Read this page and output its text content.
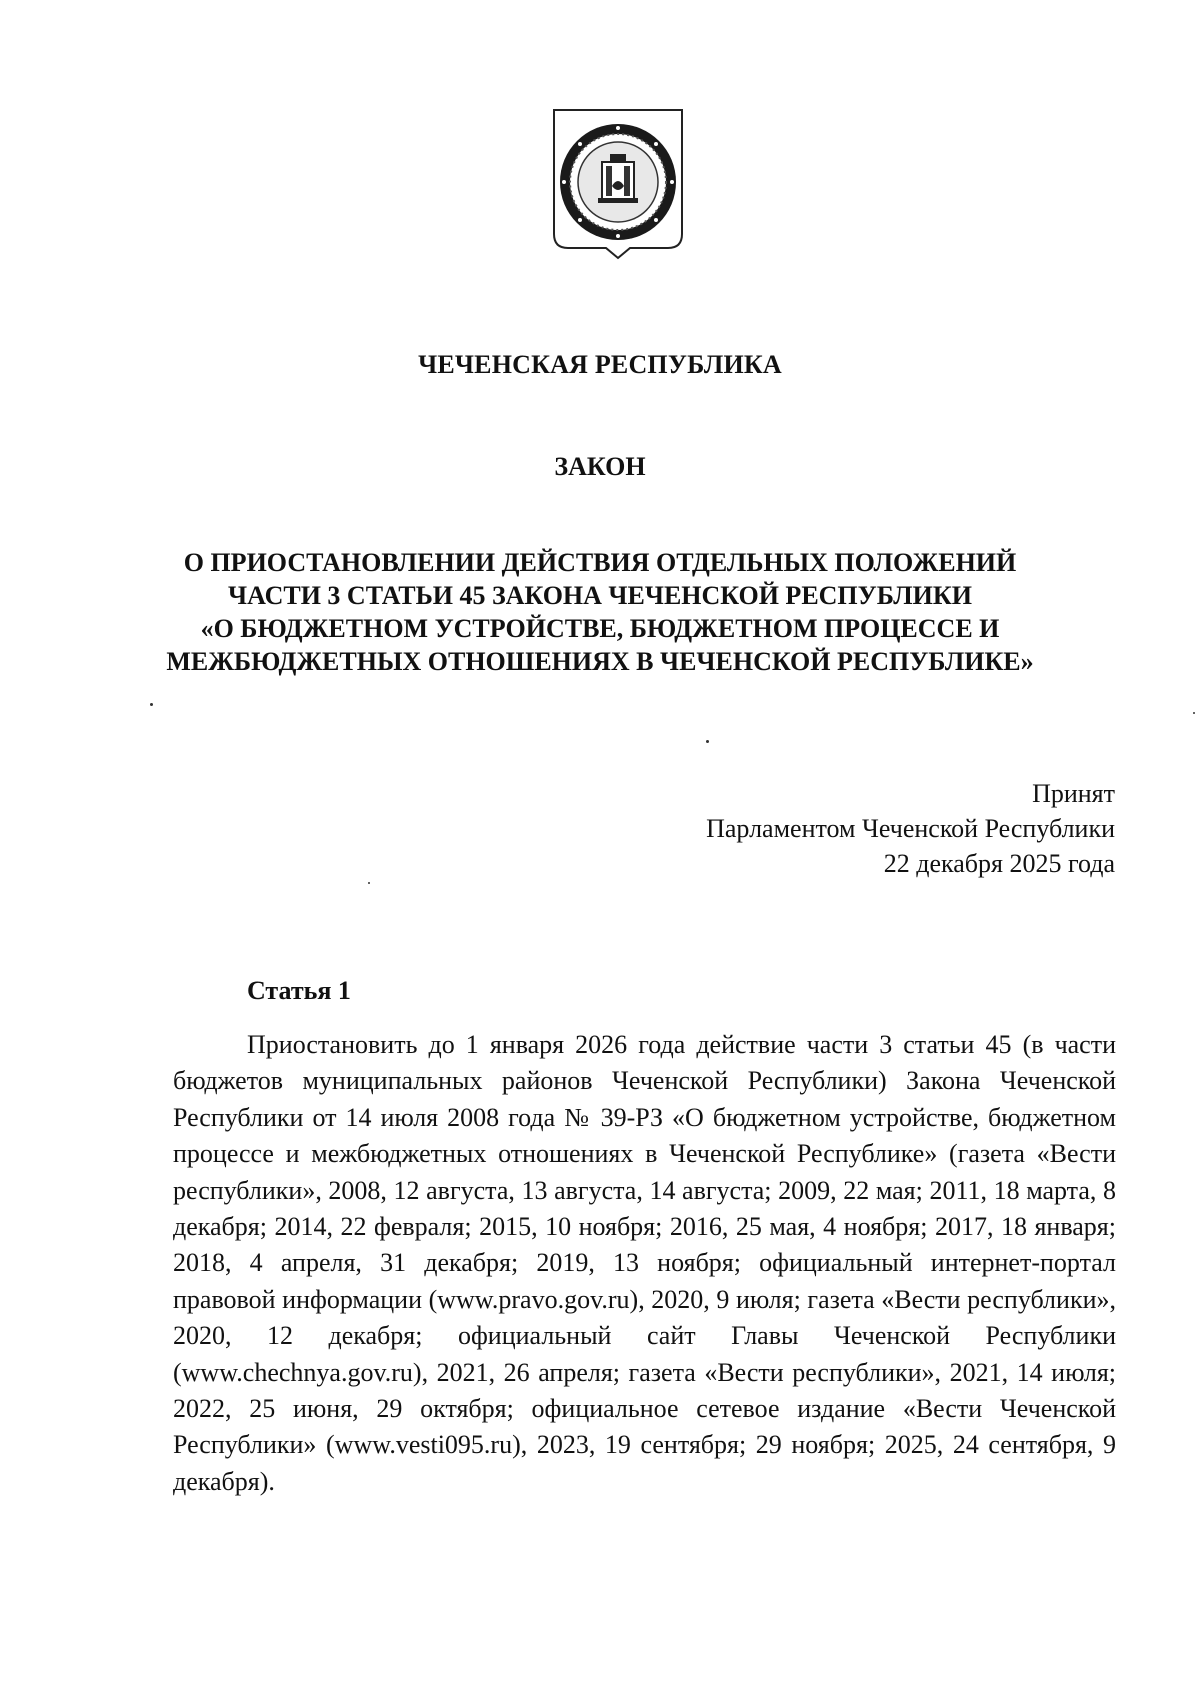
ЧЕЧЕНСКАЯ РЕСПУБЛИКА
ЗАКОН
О ПРИОСТАНОВЛЕНИИ ДЕЙСТВИЯ ОТДЕЛЬНЫХ ПОЛОЖЕНИЙ
ЧАСТИ 3 СТАТЬИ 45 ЗАКОНА ЧЕЧЕНСКОЙ РЕСПУБЛИКИ
«О БЮДЖЕТНОМ УСТРОЙСТВЕ, БЮДЖЕТНОМ ПРОЦЕССЕ И
МЕЖБЮДЖЕТНЫХ ОТНОШЕНИЯХ В ЧЕЧЕНСКОЙ РЕСПУБЛИКЕ»
Принят
Парламентом Чеченской Республики
22 декабря 2025 года
Статья 1

Приостановить до 1 января 2026 года действие части 3 статьи 45 (в части бюджетов муниципальных районов Чеченской Республики) Закона Чеченской Республики от 14 июля 2008 года № 39-РЗ «О бюджетном устройстве, бюджетном процессе и межбюджетных отношениях в Чеченской Республике» (газета «Вести республики», 2008, 12 августа, 13 августа, 14 августа; 2009, 22 мая; 2011, 18 марта, 8 декабря; 2014, 22 февраля; 2015, 10 ноября; 2016, 25 мая, 4 ноября; 2017, 18 января; 2018, 4 апреля, 31 декабря; 2019, 13 ноября; официальный интернет-портал правовой информации (www.pravo.gov.ru), 2020, 9 июля; газета «Вести республики», 2020, 12 декабря; официальный сайт Главы Чеченской Республики (www.chechnya.gov.ru), 2021, 26 апреля; газета «Вести республики», 2021, 14 июля; 2022, 25 июня, 29 октября; официальное сетевое издание «Вести Чеченской Республики» (www.vesti095.ru), 2023, 19 сентября; 29 ноября; 2025, 24 сентября, 9 декабря).
